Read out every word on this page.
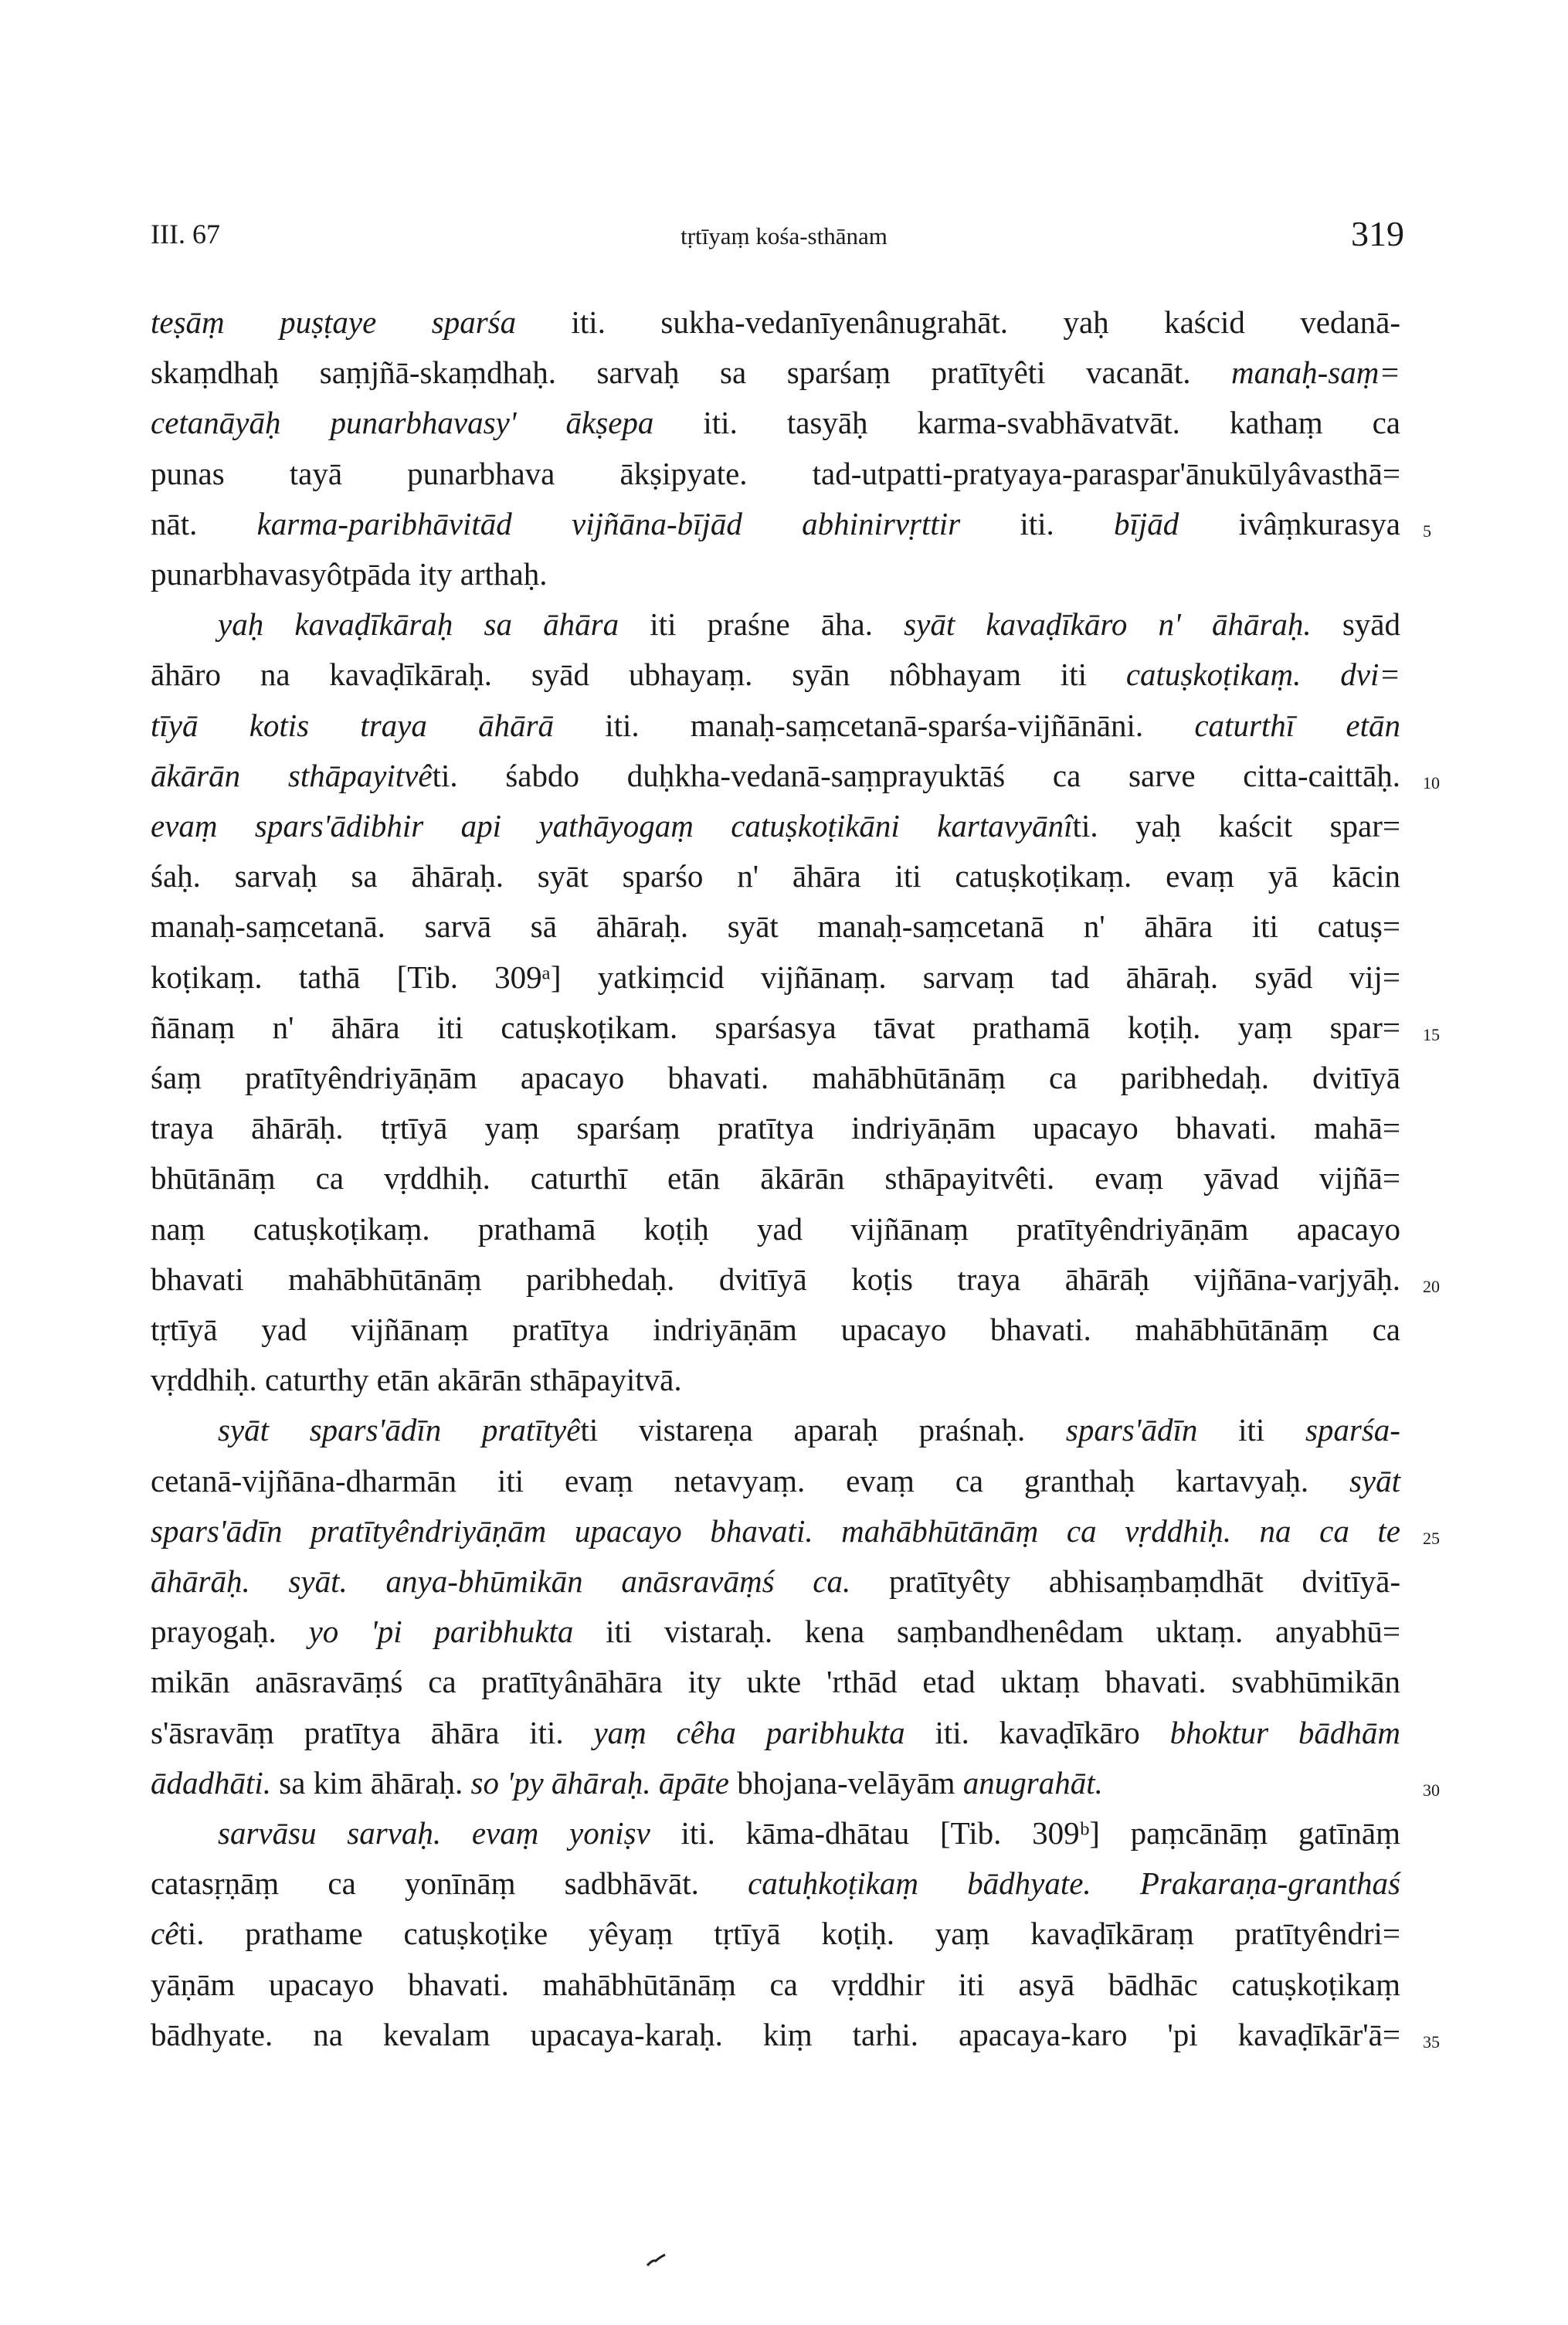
III. 67	tṛtīyaṃ kośa-sthānam	319
teṣāṃ puṣṭaye sparśa iti. sukha-vedanīyenânugrahāt. yaḥ kaścid vedanā-
skaṃdhaḥ saṃjñā-skaṃdhaḥ. sarvaḥ sa sparśaṃ pratītyêti vacanāt. manaḥ-saṃ=
cetanāyāḥ punarbhavasy' ākṣepa iti. tasyāḥ karma-svabhāvatvāt. kathaṃ ca
punas tayā punarbhava ākṣipyate. tad-utpatti-pratyaya-paraspar'ānukūlyâvasthā=
nāt. karma-paribhāvitād vijñāna-bījād abhinirvṛttir iti. bījād ivâṃkurasya
punarbhavasyôtpāda ity arthaḥ.
yaḥ kavaḍīkāraḥ sa āhāra iti praśne āha. syāt kavaḍīkāro n' āhāraḥ. syād
āhāro na kavaḍīkāraḥ. syād ubhayaṃ. syān nôbhayam iti catuṣkoṭikaṃ. dvi=
tīyā kotis traya āhārā iti. manaḥ-saṃcetanā-sparśa-vijñānāni. caturthī etān
ākārān sthāpayitvêti. śabdo duḥkha-vedanā-saṃprayuktāś ca sarve citta-caittāḥ.
evaṃ spars'ādibhir api yathāyogaṃ catuṣkoṭikāni kartavyānîti. yaḥ kaścit spar=
śaḥ. sarvaḥ sa āhāraḥ. syāt sparśo n' āhāra iti catuṣkoṭikaṃ. evaṃ yā kācin
manaḥ-saṃcetanā. sarvā sā āhāraḥ. syāt manaḥ-saṃcetanā n' āhāra iti catuṣ=
koṭikaṃ. tathā [Tib. 309ᵃ] yatkiṃcid vijñānaṃ. sarvaṃ tad āhāraḥ. syād vij=
ñānaṃ n' āhāra iti catuṣkoṭikam. sparśasya tāvat prathamā koṭiḥ. yaṃ spar=
śaṃ pratītyêndriyāṇām apacayo bhavati. mahābhūtānāṃ ca paribhedaḥ. dvitīyā
traya āhārāḥ. tṛtīyā yaṃ sparśaṃ pratītya indriyāṇām upacayo bhavati. mahā=
bhūtānāṃ ca vṛddhiḥ. caturthī etān ākārān sthāpayitvêti. evaṃ yāvad vijñā=
naṃ catuṣkoṭikaṃ. prathamā koṭiḥ yad vijñānaṃ pratītyêndriyāṇām apacayo
bhavati mahābhūtānāṃ paribhedaḥ. dvitīyā koṭis traya āhārāḥ vijñāna-varjyāḥ.
tṛtīyā yad vijñānaṃ pratītya indriyāṇām upacayo bhavati. mahābhūtānāṃ ca
vṛddhiḥ. caturthy etān akārān sthāpayitvā.
syāt spars'ādīn pratītyêti vistareṇa aparaḥ praśnaḥ. spars'ādīn iti sparśa-
cetanā-vijñāna-dharmān iti evaṃ netavyaṃ. evaṃ ca granthaḥ kartavyaḥ. syāt
spars'ādīn pratītyêndriyāṇām upacayo bhavati. mahābhūtānāṃ ca vṛddhiḥ. na ca te
āhārāḥ. syāt. anya-bhūmikān anāsravāṃś ca. pratītyêty abhisaṃbaṃdhāt dvitīyā-
prayogaḥ. yo 'pi paribhukta iti vistaraḥ. kena saṃbandhenêdam uktaṃ. anyabhū=
mikān anāsravāṃś ca pratītyânāhāra ity ukte 'rthād etad uktaṃ bhavati. svabhūmikān
s'āsravāṃ pratītya āhāra iti. yaṃ cêha paribhukta iti. kavaḍīkāro bhoktur bādhām
ādadhāti. sa kim āhāraḥ. so 'py āhāraḥ. āpāte bhojana-velāyām anugrahāt.
sarvāsu sarvaḥ. evaṃ yoniṣv iti. kāma-dhātau [Tib. 309ᵇ] paṃcānāṃ gatīnāṃ
catasṛṇāṃ ca yonīnāṃ sadbhāvāt. catuḥkoṭikaṃ bādhyate. Prakaraṇa-granthaś
cêti. prathame catuṣkoṭike yêyaṃ tṛtīyā koṭiḥ. yaṃ kavaḍīkāraṃ pratītyêndri=
yāṇām upacayo bhavati. mahābhūtānāṃ ca vṛddhir iti asyā bādhāc catuṣkoṭikaṃ
bādhyate. na kevalam upacaya-karaḥ. kiṃ tarhi. apacaya-karo 'pi kavaḍīkār'ā=
5
10
15
20
25
30
35
